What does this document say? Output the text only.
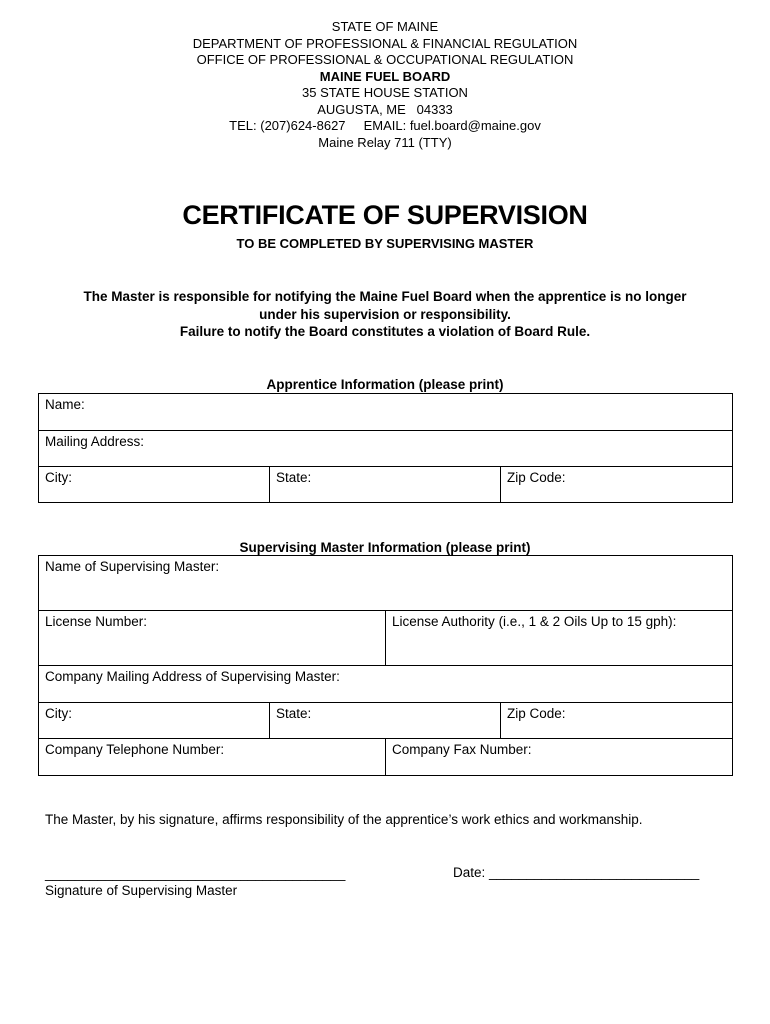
STATE OF MAINE
DEPARTMENT OF PROFESSIONAL & FINANCIAL REGULATION
OFFICE OF PROFESSIONAL & OCCUPATIONAL REGULATION
MAINE FUEL BOARD
35 STATE HOUSE STATION
AUGUSTA, ME   04333
TEL: (207)624-8627     EMAIL: fuel.board@maine.gov
Maine Relay 711 (TTY)
CERTIFICATE OF SUPERVISION
TO BE COMPLETED BY SUPERVISING MASTER
The Master is responsible for notifying the Maine Fuel Board when the apprentice is no longer
under his supervision or responsibility.
Failure to notify the Board constitutes a violation of Board Rule.
Apprentice Information (please print)
Name:
Mailing Address:
City:	State:	Zip Code:
Supervising Master Information (please print)
Name of Supervising Master:			
License Number:		License Authority (i.e., 1 & 2 Oils Up to 15 gph):	
Company Mailing Address of Supervising Master:			
City:	State:		Zip Code:
Company Telephone Number:		Company Fax Number:	
The Master, by his signature, affirms responsibility of the apprentice’s work ethics and workmanship.
________________________________________
Signature of Supervising Master
Date: ____________________________
